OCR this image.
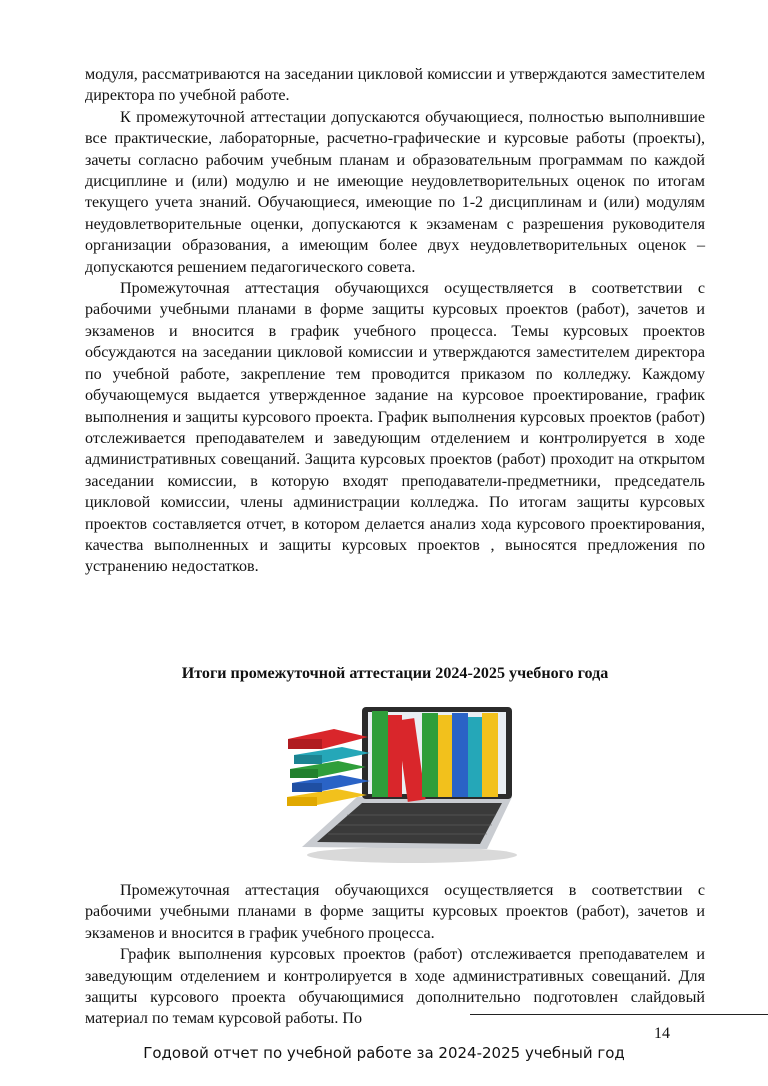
модуля, рассматриваются на заседании цикловой комиссии и утверждаются заместителем директора по учебной работе.

К промежуточной аттестации допускаются обучающиеся, полностью выполнившие все практические, лабораторные, расчетно-графические и курсовые работы (проекты), зачеты согласно рабочим учебным планам и образовательным программам по каждой дисциплине и (или) модулю и не имеющие неудовлетворительных оценок по итогам текущего учета знаний. Обучающиеся, имеющие по 1-2 дисциплинам и (или) модулям неудовлетворительные оценки, допускаются к экзаменам с разрешения руководителя организации образования, а имеющим более двух неудовлетворительных оценок – допускаются решением педагогического совета.

Промежуточная аттестация обучающихся осуществляется в соответствии с рабочими учебными планами в форме защиты курсовых проектов (работ), зачетов и экзаменов и вносится в график учебного процесса. Темы курсовых проектов обсуждаются на заседании цикловой комиссии и утверждаются заместителем директора по учебной работе, закрепление тем проводится приказом по колледжу. Каждому обучающемуся выдается утвержденное задание на курсовое проектирование, график выполнения и защиты курсового проекта. График выполнения курсовых проектов (работ) отслеживается преподавателем и заведующим отделением и контролируется в ходе административных совещаний. Защита курсовых проектов (работ) проходит на открытом заседании комиссии, в которую входят преподаватели-предметники, председатель цикловой комиссии, члены администрации колледжа. По итогам защиты курсовых проектов составляется отчет, в котором делается анализ хода курсового проектирования, качества выполненных и защиты курсовых проектов , выносятся предложения по устранению недостатков.

Итоги промежуточной аттестации 2024-2025 учебного года

Промежуточная аттестация обучающихся осуществляется в соответствии с рабочими учебными планами в форме защиты курсовых проектов (работ), зачетов и экзаменов и вносится в график учебного процесса.

График выполнения курсовых проектов (работ) отслеживается преподавателем и заведующим отделением и контролируется в ходе административных совещаний. Для защиты курсового проекта обучающимися дополнительно подготовлен слайдовый материал по темам курсовой работы. По

14
Годовой отчет по учебной работе за 2024-2025 учебный год
